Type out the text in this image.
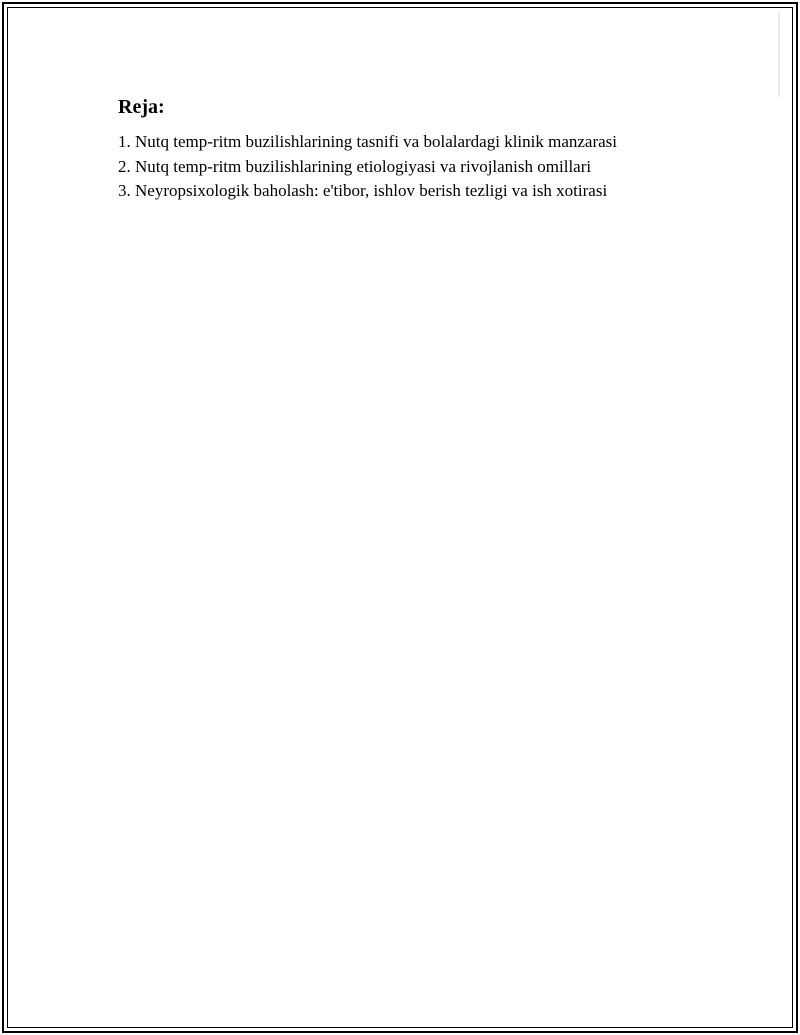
Reja:
1. Nutq temp-ritm buzilishlarining tasnifi va bolalardagi klinik manzarasi
2. Nutq temp-ritm buzilishlarining etiologiyasi va rivojlanish omillari
3. Neyropsixologik baholash: e'tibor, ishlov berish tezligi va ish xotirasi
